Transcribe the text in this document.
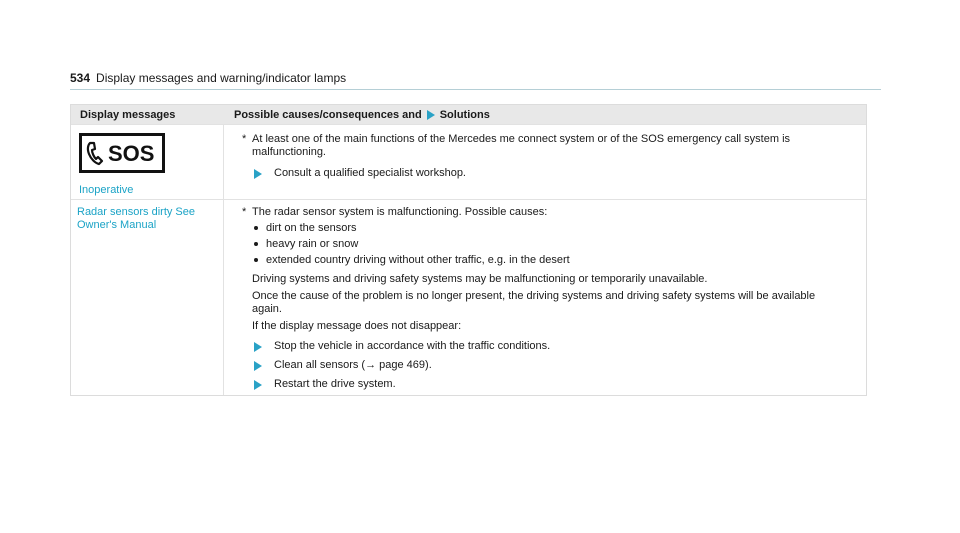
534 Display messages and warning/indicator lamps
Display messages	Possible causes/consequences and Solutions
SOS
Inoperative
* At least one of the main functions of the Mercedes me connect system or of the SOS emergency call system is
malfunctioning.
Consult a qualified specialist workshop.
Radar sensors dirty See
Owner's Manual
* The radar sensor system is malfunctioning. Possible causes:
dirt on the sensors
heavy rain or snow
extended country driving without other traffic, e.g. in the desert
Driving systems and driving safety systems may be malfunctioning or temporarily unavailable.
Once the cause of the problem is no longer present, the driving systems and driving safety systems will be available
again.
If the display message does not disappear:
Stop the vehicle in accordance with the traffic conditions.
Clean all sensors (→ page 469).
Restart the drive system.
